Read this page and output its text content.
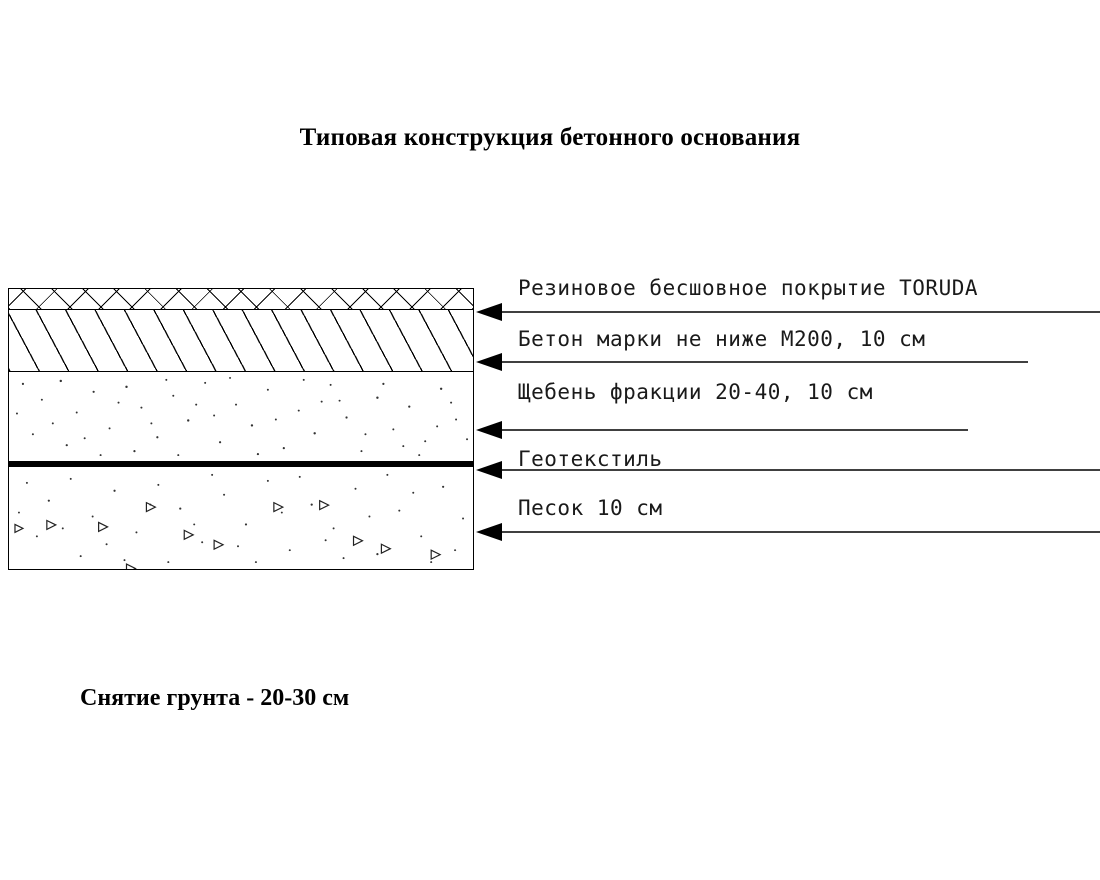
Типовая конструкция бетонного основания
Резиновое бесшовное покрытие TORUDA
Бетон марки не ниже М200, 10 см
Щебень фракции 20-40, 10 см
Геотекстиль
Песок 10 см
Снятие грунта - 20-30 см
